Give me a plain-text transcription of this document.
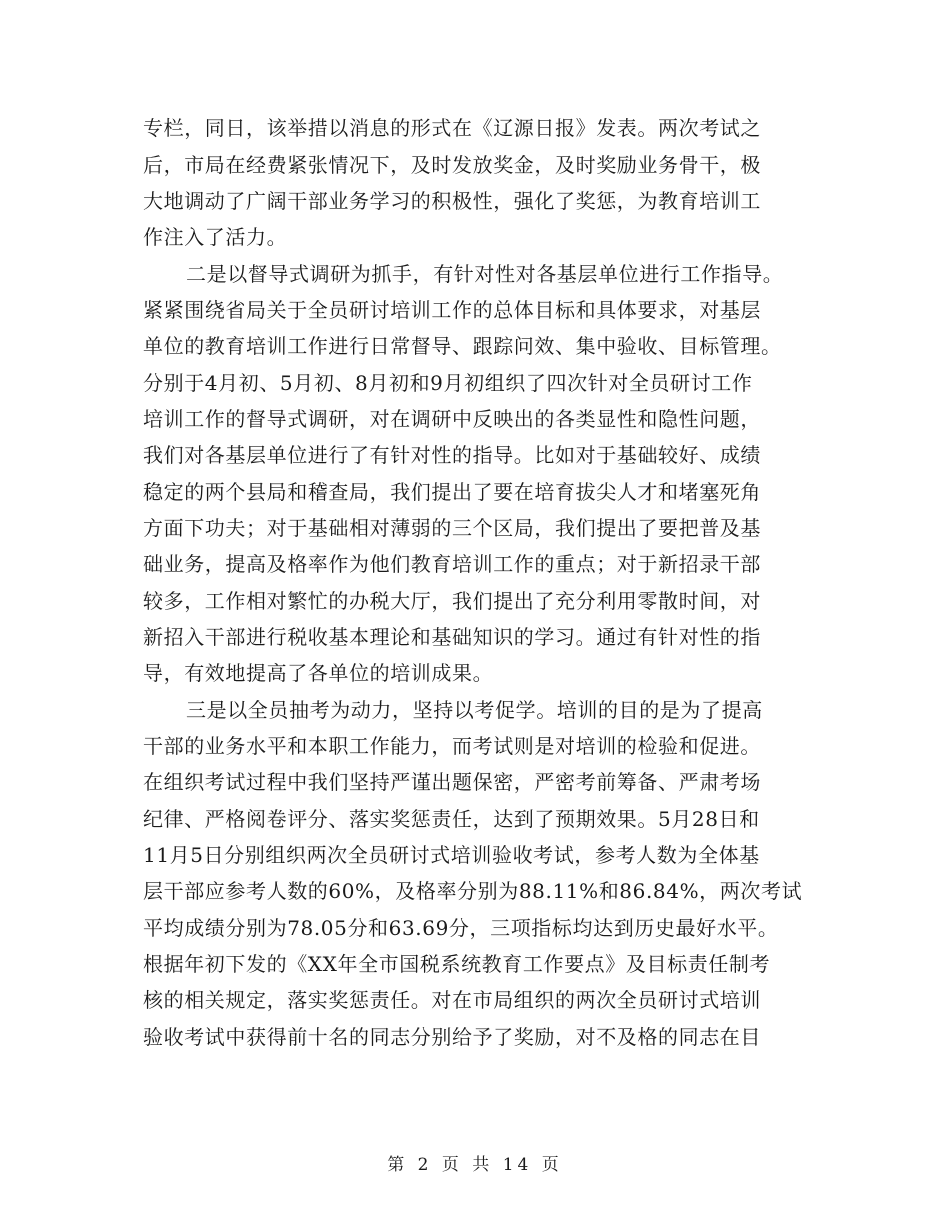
专栏，同日，该举措以消息的形式在《辽源日报》发表。两次考试之
后，市局在经费紧张情况下，及时发放奖金，及时奖励业务骨干，极
大地调动了广阔干部业务学习的积极性，强化了奖惩，为教育培训工
作注入了活力。
二是以督导式调研为抓手，有针对性对各基层单位进行工作指导。
紧紧围绕省局关于全员研讨培训工作的总体目标和具体要求，对基层
单位的教育培训工作进行日常督导、跟踪问效、集中验收、目标管理。
分别于4月初、5月初、8月初和9月初组织了四次针对全员研讨工作
培训工作的督导式调研，对在调研中反映出的各类显性和隐性问题，
我们对各基层单位进行了有针对性的指导。比如对于基础较好、成绩
稳定的两个县局和稽查局，我们提出了要在培育拔尖人才和堵塞死角
方面下功夫；对于基础相对薄弱的三个区局，我们提出了要把普及基
础业务，提高及格率作为他们教育培训工作的重点；对于新招录干部
较多，工作相对繁忙的办税大厅，我们提出了充分利用零散时间，对
新招入干部进行税收基本理论和基础知识的学习。通过有针对性的指
导，有效地提高了各单位的培训成果。
三是以全员抽考为动力，坚持以考促学。培训的目的是为了提高
干部的业务水平和本职工作能力，而考试则是对培训的检验和促进。
在组织考试过程中我们坚持严谨出题保密，严密考前筹备、严肃考场
纪律、严格阅卷评分、落实奖惩责任，达到了预期效果。5月28日和
11月5日分别组织两次全员研讨式培训验收考试，参考人数为全体基
层干部应参考人数的60%，及格率分别为88.11%和86.84%，两次考试
平均成绩分别为78.05分和63.69分，三项指标均达到历史最好水平。
根据年初下发的《XX年全市国税系统教育工作要点》及目标责任制考
核的相关规定，落实奖惩责任。对在市局组织的两次全员研讨式培训
验收考试中获得前十名的同志分别给予了奖励，对不及格的同志在目
第 2 页 共 14 页
